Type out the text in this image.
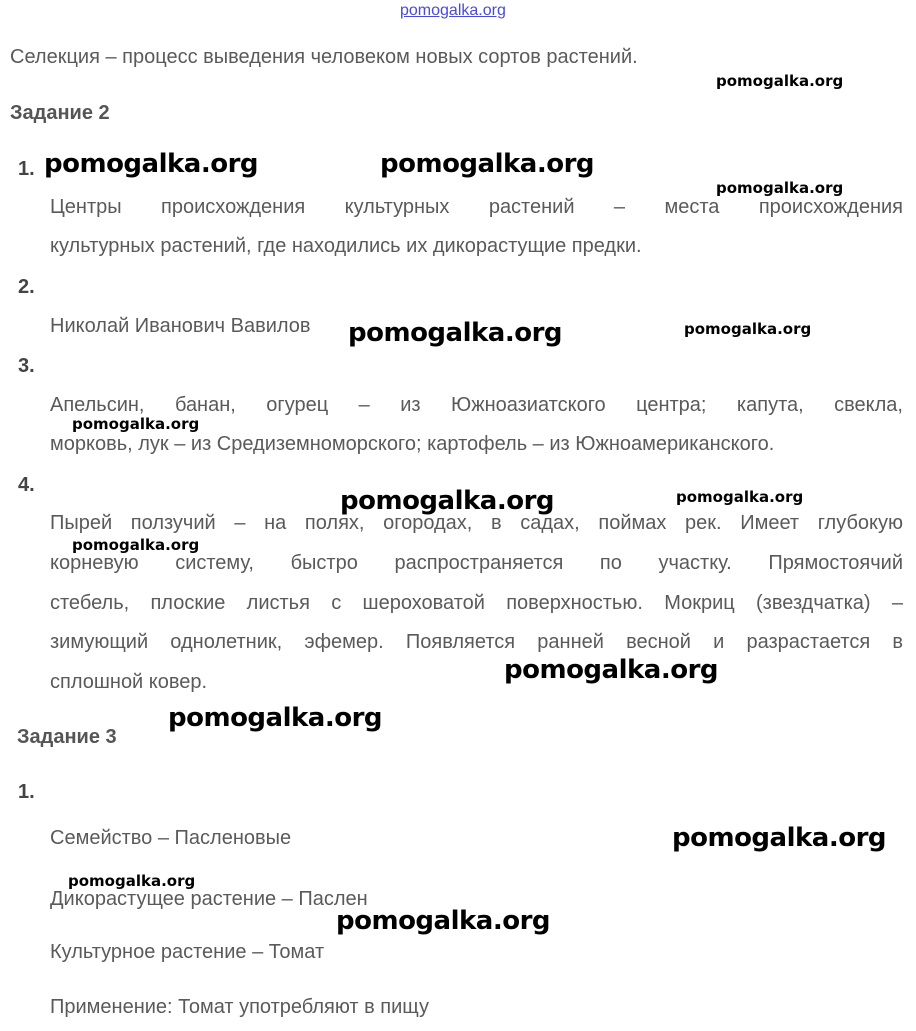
pomogalka.org
Селекция – процесс выведения человеком новых сортов растений.
Задание 2
1.
Центры происхождения культурных растений – места происхождения
культурных растений, где находились их дикорастущие предки.
2.
Николай Иванович Вавилов
3.
Апельсин, банан, огурец – из Южноазиатского центра; капута, свекла,
морковь, лук – из Средиземноморского; картофель – из Южноамериканского.
4.
Пырей ползучий – на полях, огородах, в садах, поймах рек. Имеет глубокую
корневую систему, быстро распространяется по участку. Прямостоячий
стебель, плоские листья с шероховатой поверхностью. Мокриц (звездчатка) –
зимующий однолетник, эфемер. Появляется ранней весной и разрастается в
сплошной ковер.
Задание 3
1.
Семейство – Пасленовые
Дикорастущее растение – Паслен
Культурное растение – Томат
Применение: Томат употребляют в пищу
pomogalka.org
pomogalka.org	pomogalka.org
pomogalka.org
pomogalka.org	pomogalka.org
pomogalka.org
pomogalka.org	pomogalka.org
pomogalka.org
pomogalka.org
pomogalka.org
pomogalka.org
pomogalka.org
pomogalka.org
